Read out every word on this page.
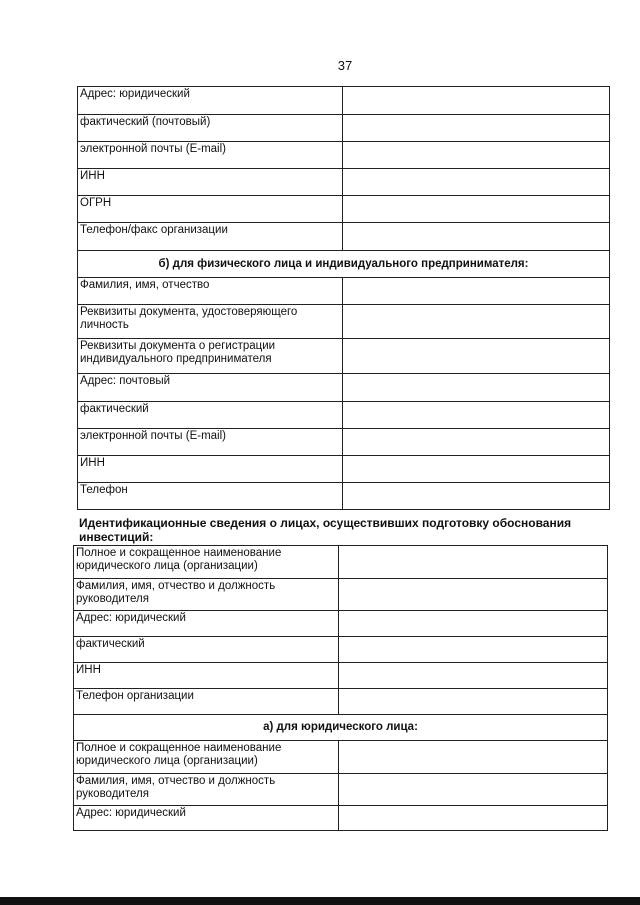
37
Адрес: юридический	
фактический (почтовый)	
электронной почты (E-mail)	
ИНН	
ОГРН	
Телефон/факс организации	
б) для физического лица и индивидуального предпринимателя:	
Фамилия, имя, отчество	
Реквизиты документа, удостоверяющего личность	
Реквизиты документа о регистрации индивидуального предпринимателя	
Адрес: почтовый	
фактический	
электронной почты (E-mail)	
ИНН	
Телефон	
Идентификационные сведения о лицах, осуществивших подготовку обоснования инвестиций:
Полное и сокращенное наименование юридического лица (организации)	
Фамилия, имя, отчество и должность руководителя	
Адрес: юридический	
фактический	
ИНН	
Телефон организации	
а) для юридического лица:	
Полное и сокращенное наименование юридического лица (организации)	
Фамилия, имя, отчество и должность руководителя	
Адрес: юридический	
